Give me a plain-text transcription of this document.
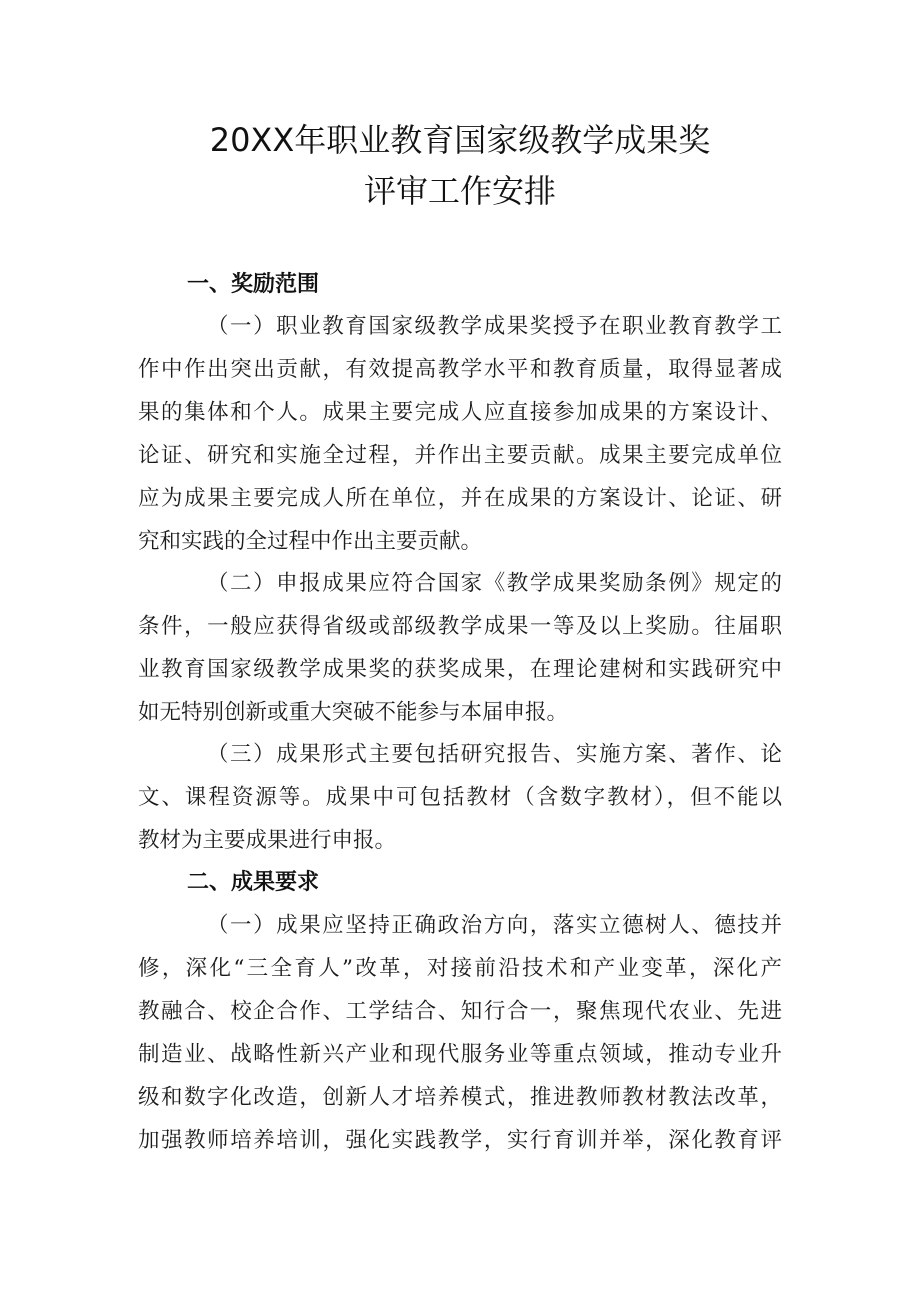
20XX年职业教育国家级教学成果奖
评审工作安排
一、奖励范围
（一）职业教育国家级教学成果奖授予在职业教育教学工
作中作出突出贡献，有效提高教学水平和教育质量，取得显著成
果的集体和个人。成果主要完成人应直接参加成果的方案设计、
论证、研究和实施全过程，并作出主要贡献。成果主要完成单位
应为成果主要完成人所在单位，并在成果的方案设计、论证、研
究和实践的全过程中作出主要贡献。
（二）申报成果应符合国家《教学成果奖励条例》规定的
条件，一般应获得省级或部级教学成果一等及以上奖励。往届职
业教育国家级教学成果奖的获奖成果，在理论建树和实践研究中
如无特别创新或重大突破不能参与本届申报。
（三）成果形式主要包括研究报告、实施方案、著作、论
文、课程资源等。成果中可包括教材（含数字教材），但不能以
教材为主要成果进行申报。
二、成果要求
（一）成果应坚持正确政治方向，落实立德树人、德技并
修，深化“三全育人”改革，对接前沿技术和产业变革，深化产
教融合、校企合作、工学结合、知行合一，聚焦现代农业、先进
制造业、战略性新兴产业和现代服务业等重点领域，推动专业升
级和数字化改造，创新人才培养模式，推进教师教材教法改革，
加强教师培养培训，强化实践教学，实行育训并举，深化教育评
